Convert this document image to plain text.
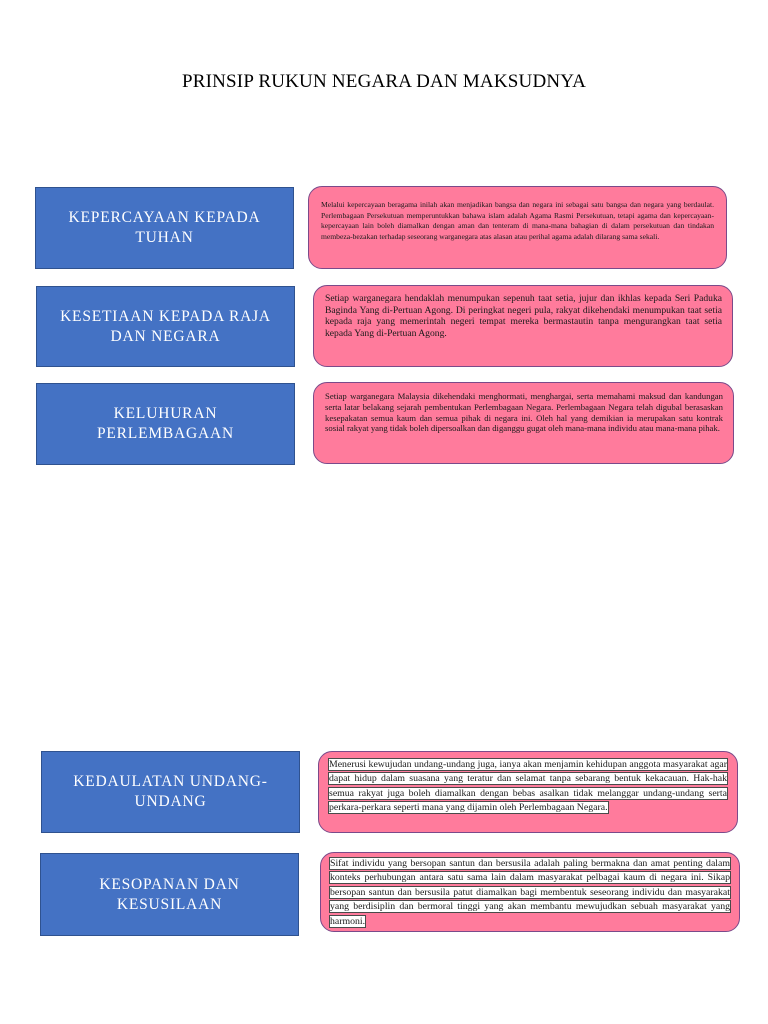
PRINSIP RUKUN NEGARA DAN MAKSUDNYA
KEPERCAYAAN KEPADA TUHAN

Melalui kepercayaan beragama inilah akan menjadikan bangsa dan negara ini sebagai satu bangsa dan negara yang berdaulat. Perlembagaan Persekutuan memperuntukkan bahawa islam adalah Agama Rasmi Persekutuan, tetapi agama dan kepercayaan-kepercayaan lain boleh diamalkan dengan aman dan tenteram di mana-mana bahagian di dalam persekutuan dan tindakan membeza-bezakan terhadap seseorang warganegara atas alasan atau perihal agama adalah dilarang sama sekali.

KESETIAAN KEPADA RAJA DAN NEGARA

Setiap warganegara hendaklah menumpukan sepenuh taat setia, jujur dan ikhlas kepada Seri Paduka Baginda Yang di-Pertuan Agong. Di peringkat negeri pula, rakyat dikehendaki menumpukan taat setia kepada raja yang memerintah negeri tempat mereka bermastautin tanpa mengurangkan taat setia kepada Yang di-Pertuan Agong.

KELUHURAN PERLEMBAGAAN

Setiap warganegara Malaysia dikehendaki menghormati, menghargai, serta memahami maksud dan kandungan serta latar belakang sejarah pembentukan Perlembagaan Negara. Perlembagaan Negara telah digubal berasaskan kesepakatan semua kaum dan semua pihak di negara ini. Oleh hal yang demikian ia merupakan satu kontrak sosial rakyat yang tidak boleh dipersoalkan dan diganggu gugat oleh mana-mana individu atau mana-mana pihak.

KEDAULATAN UNDANG-UNDANG

Menerusi kewujudan undang-undang juga, ianya akan menjamin kehidupan anggota masyarakat agar dapat hidup dalam suasana yang teratur dan selamat tanpa sebarang bentuk kekacauan. Hak-hak semua rakyat juga boleh diamalkan dengan bebas asalkan tidak melanggar undang-undang serta perkara-perkara seperti mana yang dijamin oleh Perlembagaan Negara.

KESOPANAN DAN KESUSILAAN

Sifat individu yang bersopan santun dan bersusila adalah paling bermakna dan amat penting dalam konteks perhubungan antara satu sama lain dalam masyarakat pelbagai kaum di negara ini. Sikap bersopan santun dan bersusila patut diamalkan bagi membentuk seseorang individu dan masyarakat yang berdisiplin dan bermoral tinggi yang akan membantu mewujudkan sebuah masyarakat yang harmoni.
